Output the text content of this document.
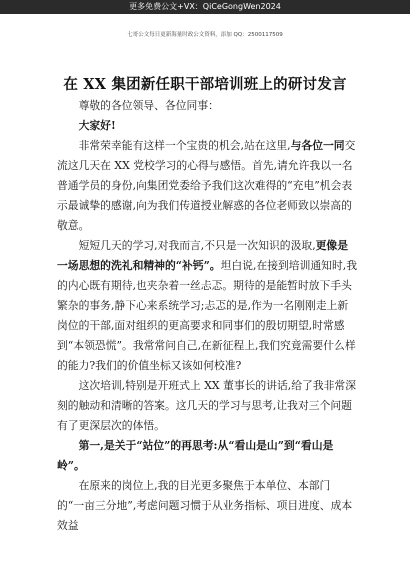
更多免费公文+VX：QiCeGongWen2024
七哥公文每日更新海量时政公文资料，添加 QQ：2500117509
在 XX 集团新任职干部培训班上的研讨发言

尊敬的各位领导、各位同事：

大家好!

非常荣幸能有这样一个宝贵的机会,站在这里,与各位一同交流这几天在 XX 党校学习的心得与感悟。首先,请允许我以一名普通学员的身份,向集团党委给予我们这次难得的“充电”机会表示最诚挚的感谢,向为我们传道授业解惑的各位老师致以崇高的敬意。

短短几天的学习,对我而言,不只是一次知识的汲取,更像是一场思想的洗礼和精神的“补钙”。坦白说,在接到培训通知时,我的内心既有期待,也夹杂着一丝忐忑。期待的是能暂时放下手头繁杂的事务,静下心来系统学习;忐忑的是,作为一名刚刚走上新岗位的干部,面对组织的更高要求和同事们的殷切期望,时常感到“本领恐慌”。我常常问自己,在新征程上,我们究竟需要什么样的能力?我们的价值坐标又该如何校准?

这次培训,特别是开班式上 XX 董事长的讲话,给了我非常深刻的触动和清晰的答案。这几天的学习与思考,让我对三个问题有了更深层次的体悟。

第一,是关于“站位”的再思考:从“看山是山”到“看山是岭”。

在原来的岗位上,我的目光更多聚焦于本单位、本部门的“一亩三分地”,考虑问题习惯于从业务指标、项目进度、成本效益
